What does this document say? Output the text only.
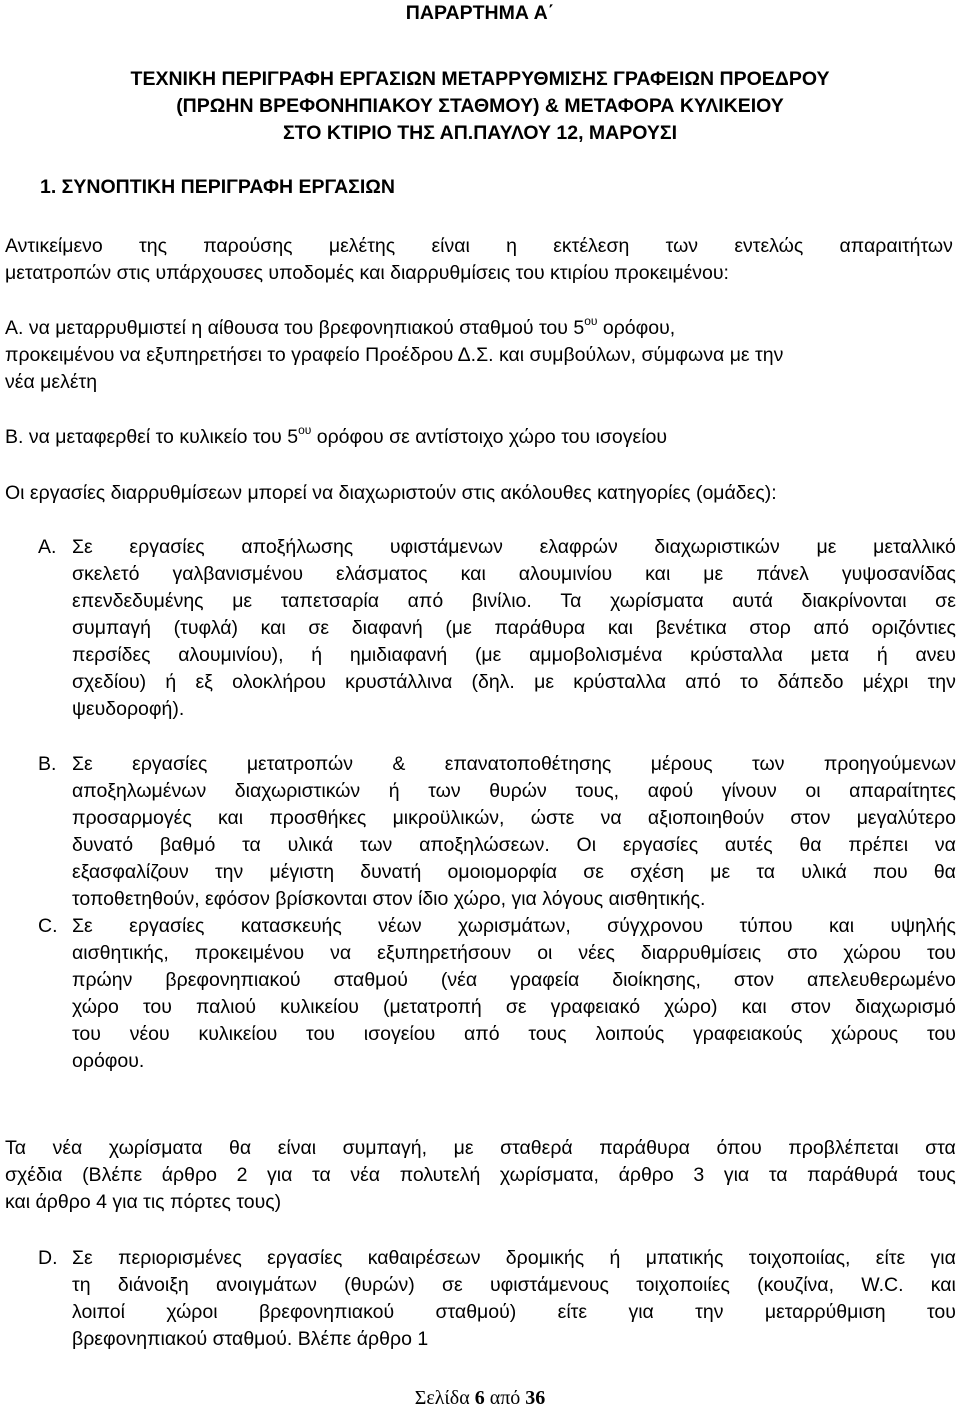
ΠΑΡΑΡΤΗΜΑ Α΄
ΤΕΧΝΙΚΗ ΠΕΡΙΓΡΑΦΗ ΕΡΓΑΣΙΩΝ ΜΕΤΑΡΡΥΘΜΙΣΗΣ ΓΡΑΦΕΙΩΝ ΠΡΟΕΔΡΟΥ
(ΠΡΩΗΝ ΒΡΕΦΟΝΗΠΙΑΚΟΥ ΣΤΑΘΜΟΥ) & ΜΕΤΑΦΟΡΑ ΚΥΛΙΚΕΙΟΥ
ΣΤΟ ΚΤΙΡΙΟ ΤΗΣ ΑΠ.ΠΑΥΛΟΥ 12, ΜΑΡΟΥΣΙ
1. ΣΥΝΟΠΤΙΚΗ ΠΕΡΙΓΡΑΦΗ ΕΡΓΑΣΙΩΝ
Αντικείμενο της παρούσης μελέτης είναι η εκτέλεση των εντελώς απαραιτήτων
μετατροπών στις υπάρχουσες υποδομές και διαρρυθμίσεις του κτιρίου προκειμένου:
Α. να μεταρρυθμιστεί η αίθουσα του βρεφονηπιακού σταθμού του $5^{o\upsilon}$ ορόφου,
προκειμένου να εξυπηρετήσει το γραφείο Προέδρου Δ.Σ. και συμβούλων, σύμφωνα με την
νέα μελέτη
Β. να μεταφερθεί το κυλικείο του $5^{o\upsilon}$ ορόφου σε αντίστοιχο χώρο του ισογείου
Οι εργασίες διαρρυθμίσεων μπορεί να διαχωριστούν στις ακόλουθες κατηγορίες (ομάδες):
Α. Σε εργασίες αποξήλωσης υφιστάμενων ελαφρών διαχωριστικών με μεταλλικό
σκελετό γαλβανισμένου ελάσματος και αλουμινίου και με πάνελ γυψοσανίδας
επενδεδυμένης με ταπετσαρία από βινίλιο. Τα χωρίσματα αυτά διακρίνονται σε
συμπαγή (τυφλά) και σε διαφανή (με παράθυρα και βενέτικα στορ από οριζόντιες
περσίδες αλουμινίου), ή ημιδιαφανή (με αμμοβολισμένα κρύσταλλα μετα ή ανευ
σχεδίου) ή εξ ολοκλήρου κρυστάλλινα (δηλ. με κρύσταλλα από το δάπεδο μέχρι την
ψευδοροφή).
Β. Σε εργασίες μετατροπών & επανατοποθέτησης μέρους των προηγούμενων
αποξηλωμένων διαχωριστικών ή των θυρών τους, αφού γίνουν οι απαραίτητες
προσαρμογές και προσθήκες μικροϋλικών, ώστε να αξιοποιηθούν στον μεγαλύτερο
δυνατό βαθμό τα υλικά των αποξηλώσεων. Οι εργασίες αυτές θα πρέπει να
εξασφαλίζουν την μέγιστη δυνατή ομοιομορφία σε σχέση με τα υλικά που θα
τοποθετηθούν, εφόσον βρίσκονται στον ίδιο χώρο, για λόγους αισθητικής.
C. Σε εργασίες κατασκευής νέων χωρισμάτων, σύγχρονου τύπου και υψηλής
αισθητικής, προκειμένου να εξυπηρετήσουν οι νέες διαρρυθμίσεις στο χώρου του
πρώην βρεφονηπιακού σταθμού (νέα γραφεία διοίκησης, στον απελευθερωμένο
χώρο του παλιού κυλικείου (μετατροπή σε γραφειακό χώρο) και στον διαχωρισμό
του νέου κυλικείου του ισογείου από τους λοιπούς γραφειακούς χώρους του
ορόφου.
Τα νέα χωρίσματα θα είναι συμπαγή, με σταθερά παράθυρα όπου προβλέπεται στα
σχέδια (Βλέπε άρθρο 2 για τα νέα πολυτελή χωρίσματα, άρθρο 3 για τα παράθυρά τους
και άρθρο 4 για τις πόρτες τους)
D. Σε περιορισμένες εργασίες καθαιρέσεων δρομικής ή μπατικής τοιχοποιίας, είτε για
τη διάνοιξη ανοιγμάτων (θυρών) σε υφιστάμενους τοιχοποιίες (κουζίνα, W.C. και
λοιποί χώροι βρεφονηπιακού σταθμού) είτε για την μεταρρύθμιση του
βρεφονηπιακού σταθμού. Βλέπε άρθρο 1
Σελίδα 6 από 36
